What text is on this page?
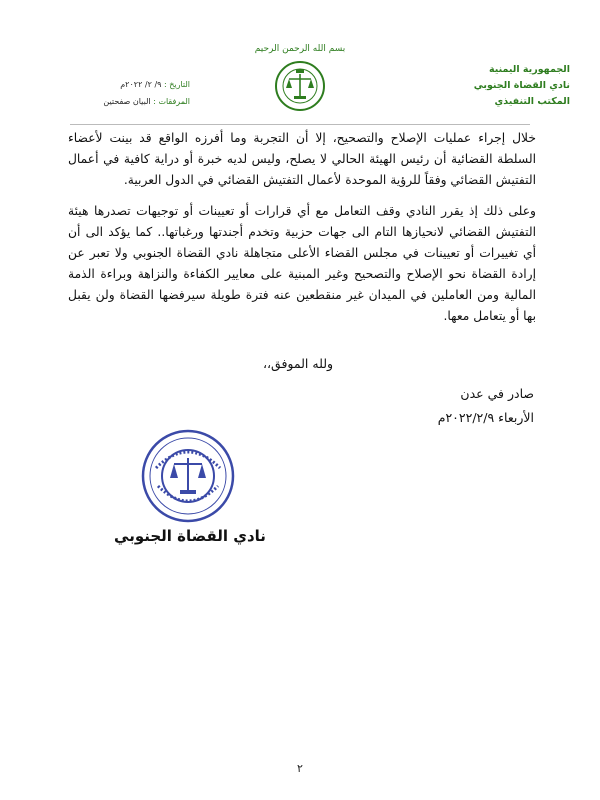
بسم الله الرحمن الرحيم
الجمهورية اليمنية
نادي القضاة الجنوبي
المكتب التنفيذي
التاريخ : ٩/ ٢/ ٢٠٢٢م
المرفقات : البيان صفحتين

خلال إجراء عمليات الإصلاح والتصحيح، إلا أن التجربة وما أفرزه الواقع قد بينت لأعضاء السلطة القضائية أن رئيس الهيئة الحالي لا يصلح، وليس لديه خبرة أو دراية كافية في أعمال التفتيش القضائي وفقاً للرؤية الموحدة لأعمال التفتيش القضائي في الدول العربية.

وعلى ذلك إذ يقرر النادي وقف التعامل مع أي قرارات أو تعيينات أو توجيهات تصدرها هيئة التفتيش القضائي لانحيازها التام الى جهات حزبية وتخدم أجندتها ورغباتها.. كما يؤكد الى أن أي تغييرات أو تعيينات في مجلس القضاء الأعلى متجاهلة نادي القضاة الجنوبي ولا تعبر عن إرادة القضاة نحو الإصلاح والتصحيح وغير المبنية على معايير الكفاءة والنزاهة وبراءة الذمة المالية ومن العاملين في الميدان غير منقطعين عنه فترة طويلة سيرفضها القضاة ولن يقبل بها أو يتعامل معها.

ولله الموفق،،
صادر في عدن
الأربعاء ٢٠٢٢/٢/٩م
نادي القضاة الجنوبي
٢
